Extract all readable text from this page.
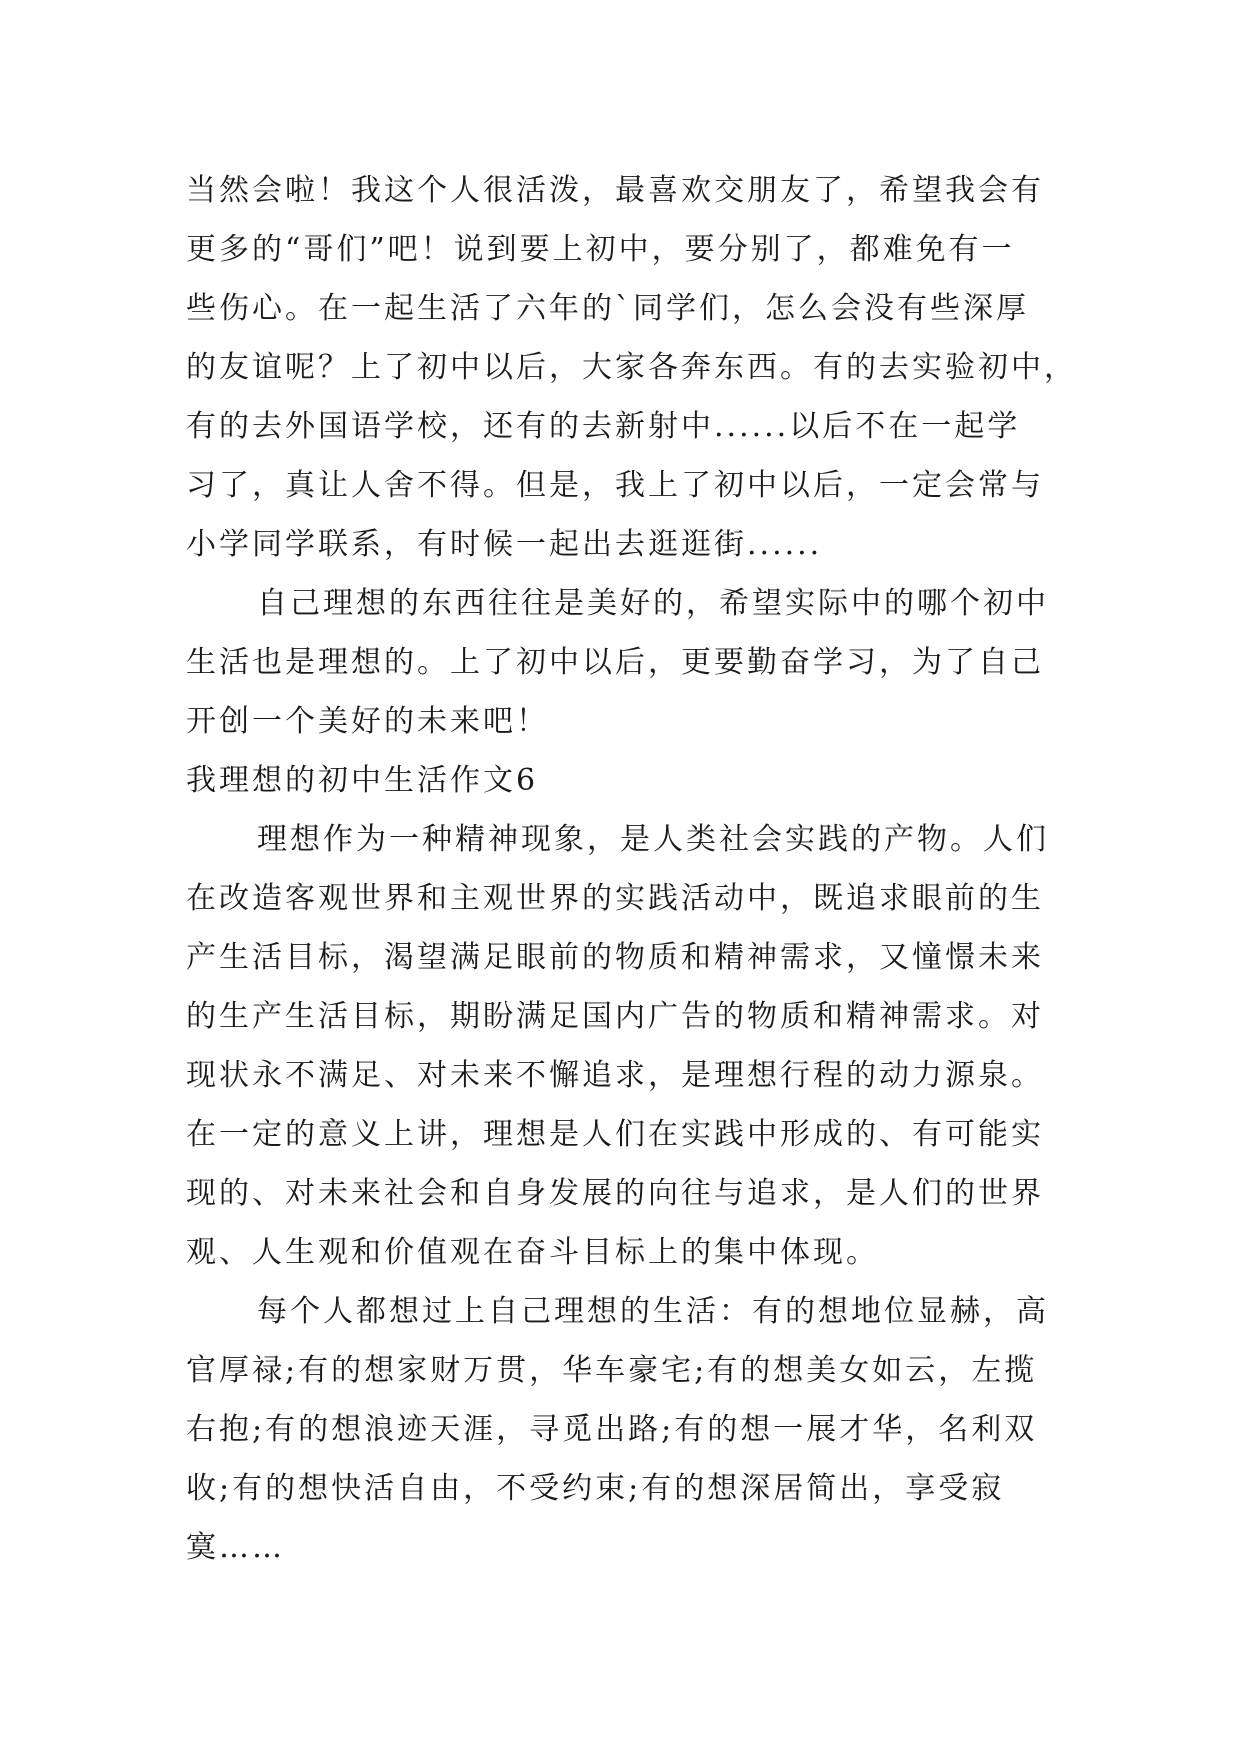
当然会啦！我这个人很活泼，最喜欢交朋友了，希望我会有

更多的“哥们”吧！说到要上初中，要分别了，都难免有一

些伤心。在一起生活了六年的`同学们，怎么会没有些深厚

的友谊呢？上了初中以后，大家各奔东西。有的去实验初中，

有的去外国语学校，还有的去新射中......以后不在一起学

习了，真让人舍不得。但是，我上了初中以后，一定会常与

小学同学联系，有时候一起出去逛逛街......

自己理想的东西往往是美好的，希望实际中的哪个初中

生活也是理想的。上了初中以后，更要勤奋学习，为了自己

开创一个美好的未来吧！

我理想的初中生活作文6

理想作为一种精神现象，是人类社会实践的产物。人们

在改造客观世界和主观世界的实践活动中，既追求眼前的生

产生活目标，渴望满足眼前的物质和精神需求，又憧憬未来

的生产生活目标，期盼满足国内广告的物质和精神需求。对

现状永不满足、对未来不懈追求，是理想行程的动力源泉。

在一定的意义上讲，理想是人们在实践中形成的、有可能实

现的、对未来社会和自身发展的向往与追求，是人们的世界

观、人生观和价值观在奋斗目标上的集中体现。

每个人都想过上自己理想的生活：有的想地位显赫，高

官厚禄;有的想家财万贯，华车豪宅;有的想美女如云，左揽

右抱;有的想浪迹天涯，寻觅出路;有的想一展才华，名利双

收;有的想快活自由，不受约束;有的想深居简出，享受寂

寞……
